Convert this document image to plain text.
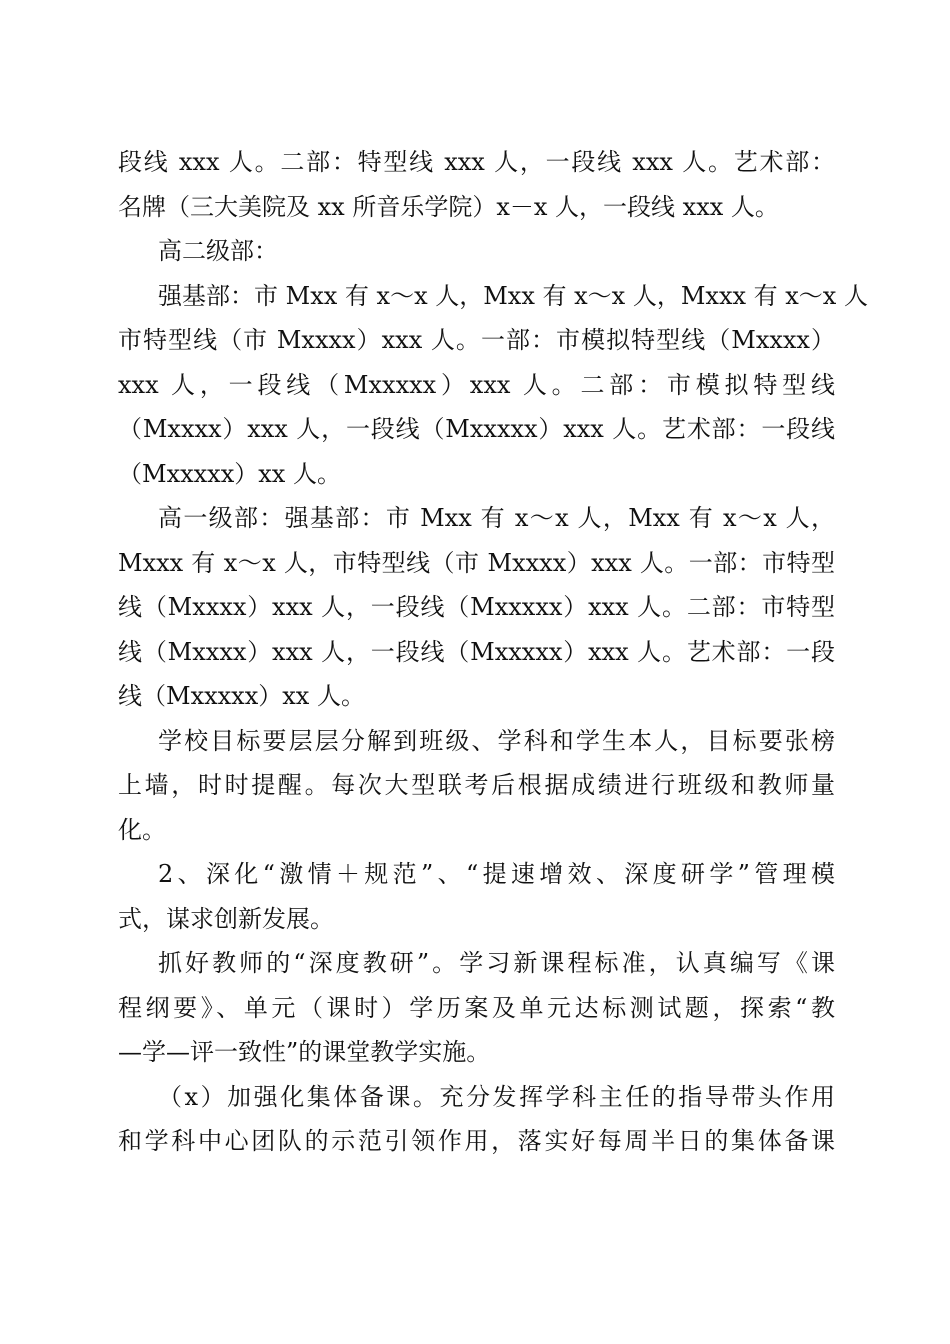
段线 xxx 人。二部：特型线 xxx 人，一段线 xxx 人。艺术部：
名牌（三大美院及 xx 所音乐学院）x－x 人，一段线 xxx 人。
高二级部：
强基部：市 Mxx 有 x～x 人，Mxx 有 x～x 人，Mxxx 有 x～x 人
市特型线（市 Mxxxx）xxx 人。一部：市模拟特型线（Mxxxx）
xxx 人，一段线（Mxxxxx）xxx 人。二部：市模拟特型线
（Mxxxx）xxx 人，一段线（Mxxxxx）xxx 人。艺术部：一段线
（Mxxxxx）xx 人。
高一级部：强基部：市 Mxx 有 x～x 人，Mxx 有 x～x 人，
Mxxx 有 x～x 人，市特型线（市 Mxxxx）xxx 人。一部：市特型
线（Mxxxx）xxx 人，一段线（Mxxxxx）xxx 人。二部：市特型
线（Mxxxx）xxx 人，一段线（Mxxxxx）xxx 人。艺术部：一段
线（Mxxxxx）xx 人。
学校目标要层层分解到班级、学科和学生本人，目标要张榜
上墙，时时提醒。每次大型联考后根据成绩进行班级和教师量
化。
2、深化“激情＋规范”、“提速增效、深度研学”管理模
式，谋求创新发展。
抓好教师的“深度教研”。学习新课程标准，认真编写《课
程纲要》、单元（课时）学历案及单元达标测试题，探索“教
—学—评一致性”的课堂教学实施。
（x）加强化集体备课。充分发挥学科主任的指导带头作用
和学科中心团队的示范引领作用，落实好每周半日的集体备课
